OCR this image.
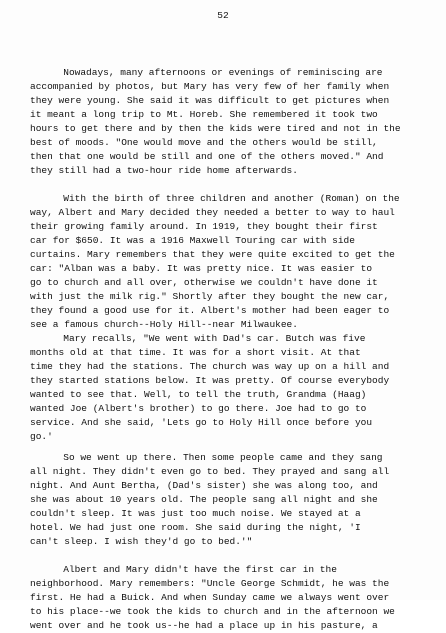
52
Nowadays, many afternoons or evenings of reminiscing are
accompanied by photos, but Mary has very few of her family when
they were young. She said it was difficult to get pictures when
it meant a long trip to Mt. Horeb. She remembered it took two
hours to get there and by then the kids were tired and not in the
best of moods. "One would move and the others would be still,
then that one would be still and one of the others moved." And
they still had a two-hour ride home afterwards.
With the birth of three children and another (Roman) on the
way, Albert and Mary decided they needed a better to way to haul
their growing family around. In 1919, they bought their first
car for $650. It was a 1916 Maxwell Touring car with side
curtains. Mary remembers that they were quite excited to get the
car: "Alban was a baby. It was pretty nice. It was easier to
go to church and all over, otherwise we couldn't have done it
with just the milk rig." Shortly after they bought the new car,
they found a good use for it. Albert's mother had been eager to
see a famous church--Holy Hill--near Milwaukee.
Mary recalls, "We went with Dad's car. Butch was five
months old at that time. It was for a short visit. At that
time they had the stations. The church was way up on a hill and
they started stations below. It was pretty. Of course everybody
wanted to see that. Well, to tell the truth, Grandma (Haag)
wanted Joe (Albert's brother) to go there. Joe had to go to
service. And she said, 'Lets go to Holy Hill once before you
go.'
So we went up there. Then some people came and they sang
all night. They didn't even go to bed. They prayed and sang all
night. And Aunt Bertha, (Dad's sister) she was along too, and
she was about 10 years old. The people sang all night and she
couldn't sleep. It was just too much noise. We stayed at a
hotel. We had just one room. She said during the night, 'I
can't sleep. I wish they'd go to bed.'"
Albert and Mary didn't have the first car in the
neighborhood. Mary remembers: "Uncle George Schmidt, he was the
first. He had a Buick. And when Sunday came we always went over
to his place--we took the kids to church and in the afternoon we
went over and he took us--he had a place up in his pasture, a
